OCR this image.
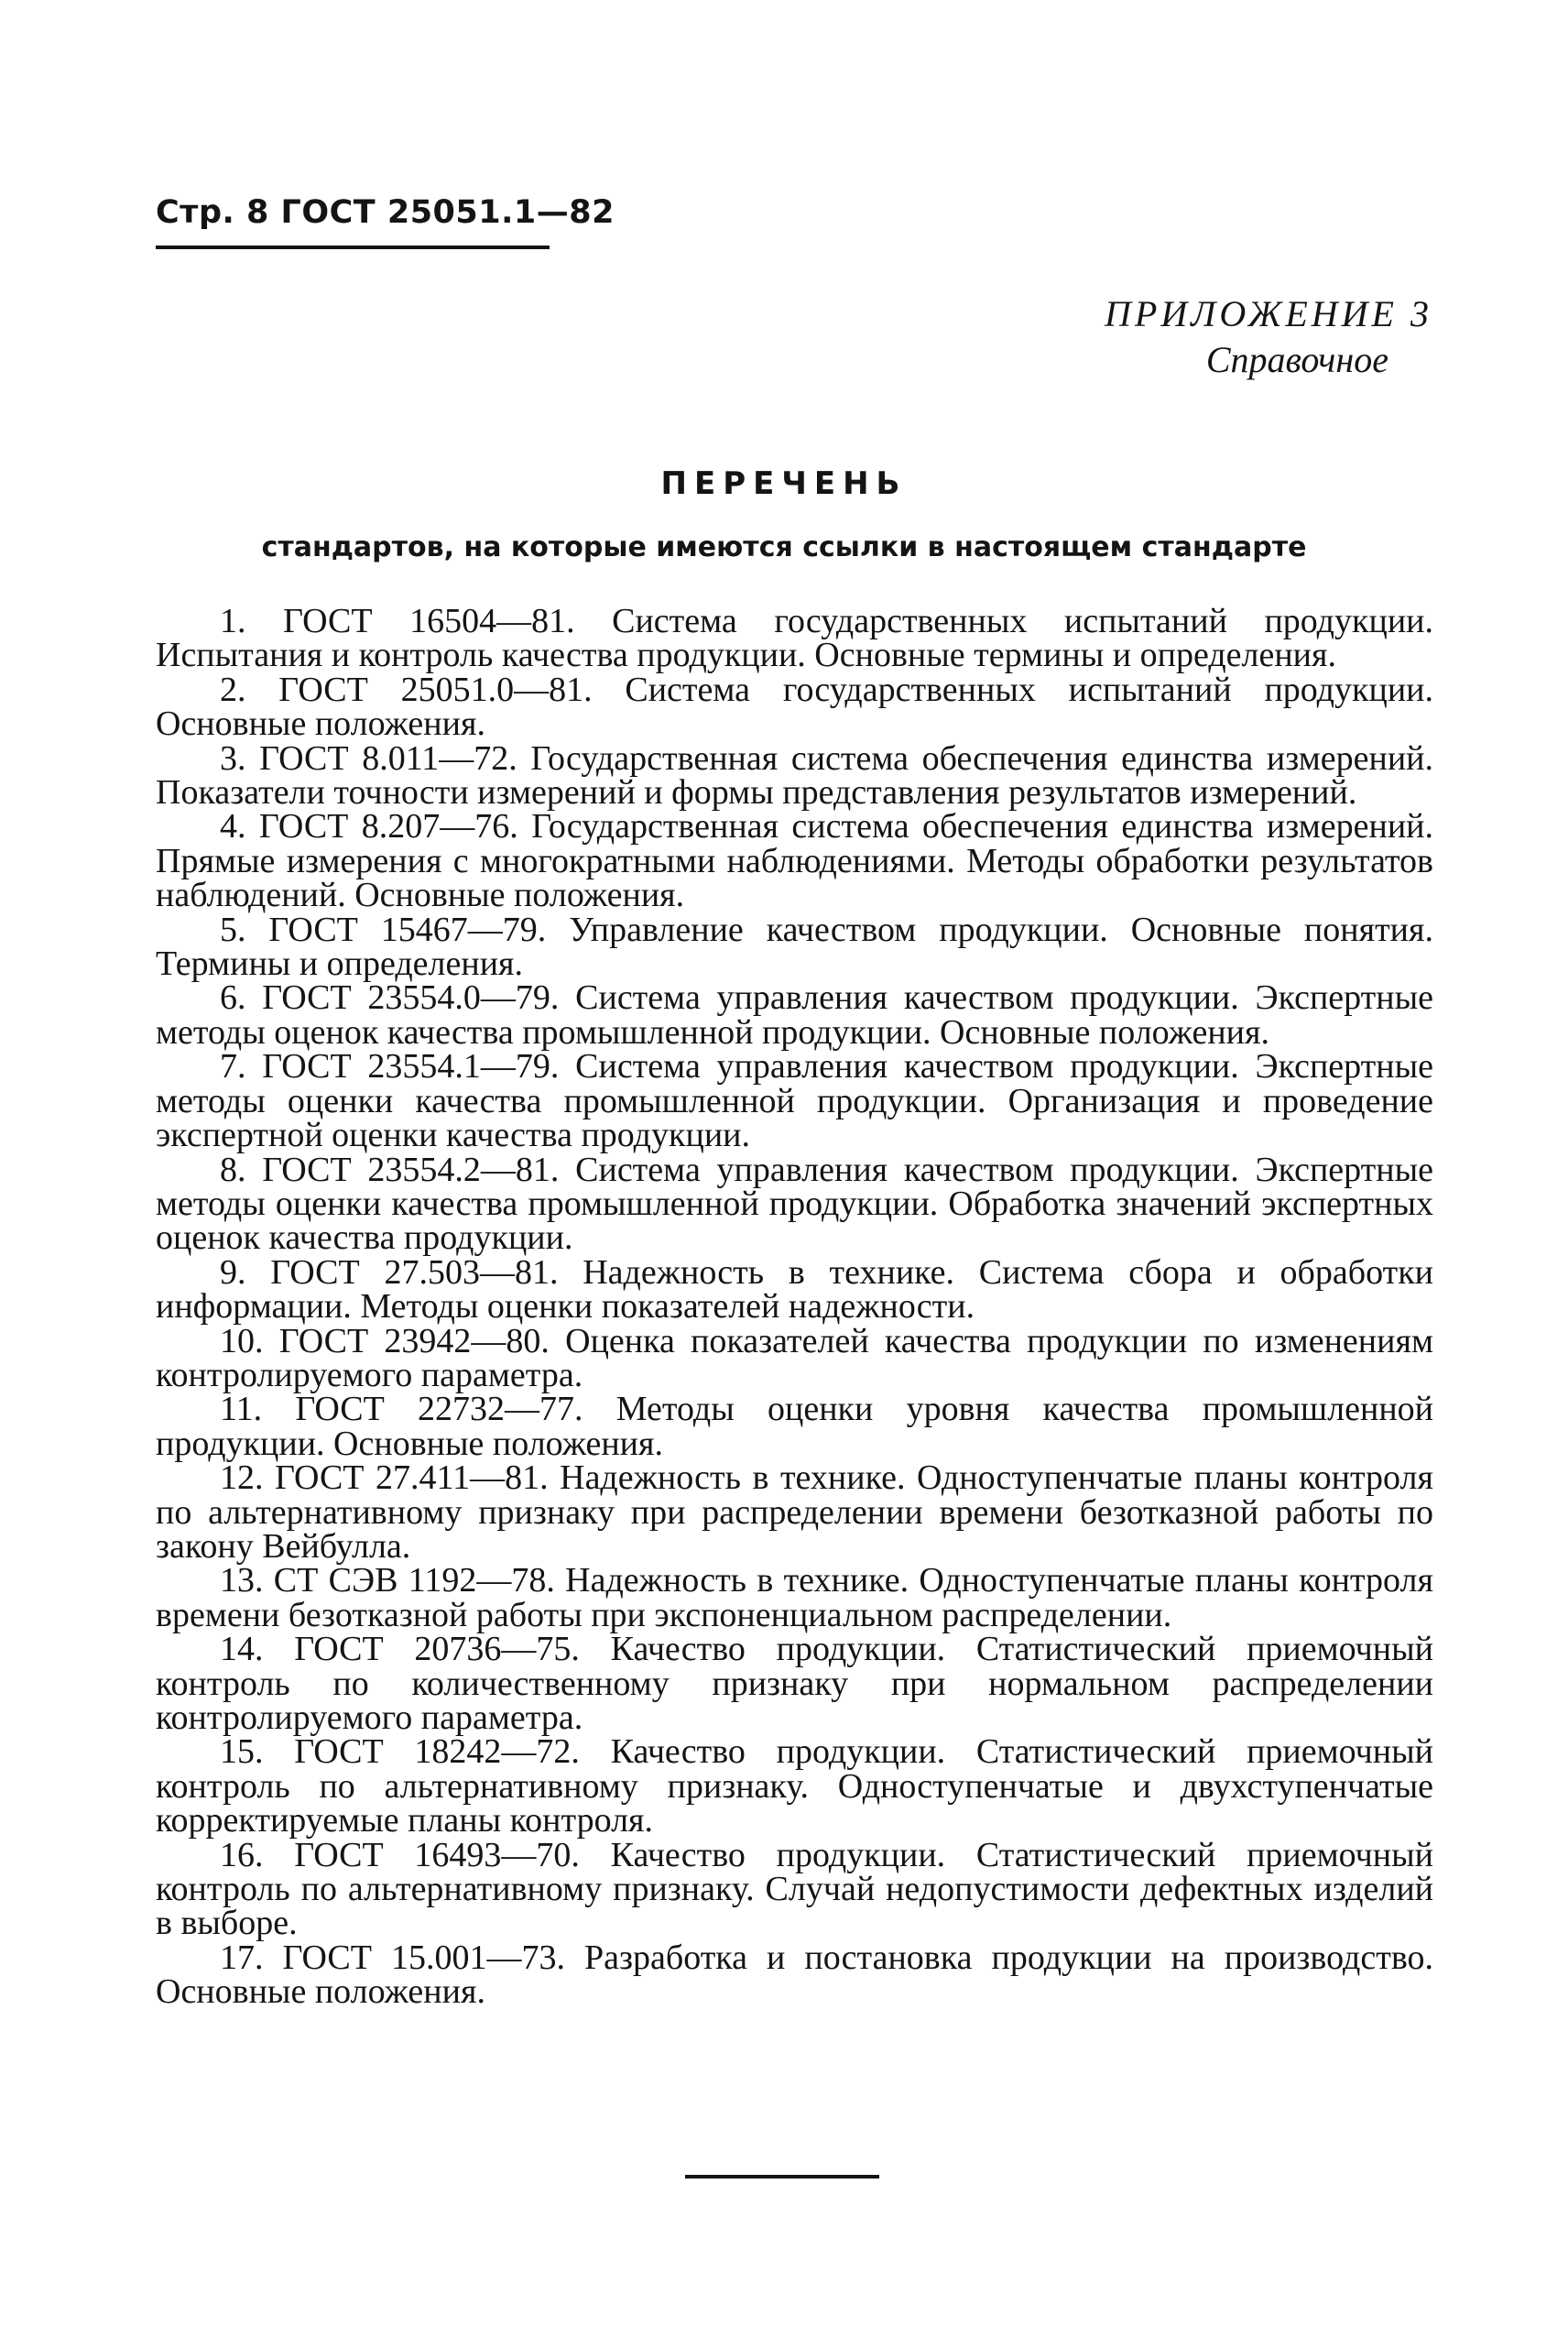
Стр. 8 ГОСТ 25051.1—82
ПРИЛОЖЕНИЕ 3
Справочное
ПЕРЕЧЕНЬ
стандартов, на которые имеются ссылки в настоящем стандарте

1. ГОСТ 16504—81. Система государственных испытаний продукции. Испытания и контроль качества продукции. Основные термины и определения.

2. ГОСТ 25051.0—81. Система государственных испытаний продукции. Основные положения.

3. ГОСТ 8.011—72. Государственная система обеспечения единства измерений. Показатели точности измерений и формы представления результатов измерений.

4. ГОСТ 8.207—76. Государственная система обеспечения единства измерений. Прямые измерения с многократными наблюдениями. Методы обработки результатов наблюдений. Основные положения.

5. ГОСТ 15467—79. Управление качеством продукции. Основные понятия. Термины и определения.

6. ГОСТ 23554.0—79. Система управления качеством продукции. Экспертные методы оценок качества промышленной продукции. Основные положения.

7. ГОСТ 23554.1—79. Система управления качеством продукции. Экспертные методы оценки качества промышленной продукции. Организация и проведение экспертной оценки качества продукции.

8. ГОСТ 23554.2—81. Система управления качеством продукции. Экспертные методы оценки качества промышленной продукции. Обработка значений экспертных оценок качества продукции.

9. ГОСТ 27.503—81. Надежность в технике. Система сбора и обработки информации. Методы оценки показателей надежности.

10. ГОСТ 23942—80. Оценка показателей качества продукции по изменениям контролируемого параметра.

11. ГОСТ 22732—77. Методы оценки уровня качества промышленной продукции. Основные положения.

12. ГОСТ 27.411—81. Надежность в технике. Одноступенчатые планы контроля по альтернативному признаку при распределении времени безотказной работы по закону Вейбулла.

13. СТ СЭВ 1192—78. Надежность в технике. Одноступенчатые планы контроля времени безотказной работы при экспоненциальном распределении.

14. ГОСТ 20736—75. Качество продукции. Статистический приемочный контроль по количественному признаку при нормальном распределении контролируемого параметра.

15. ГОСТ 18242—72. Качество продукции. Статистический приемочный контроль по альтернативному признаку. Одноступенчатые и двухступенчатые корректируемые планы контроля.

16. ГОСТ 16493—70. Качество продукции. Статистический приемочный контроль по альтернативному признаку. Случай недопустимости дефектных изделий в выборе.

17. ГОСТ 15.001—73. Разработка и постановка продукции на производство. Основные положения.
